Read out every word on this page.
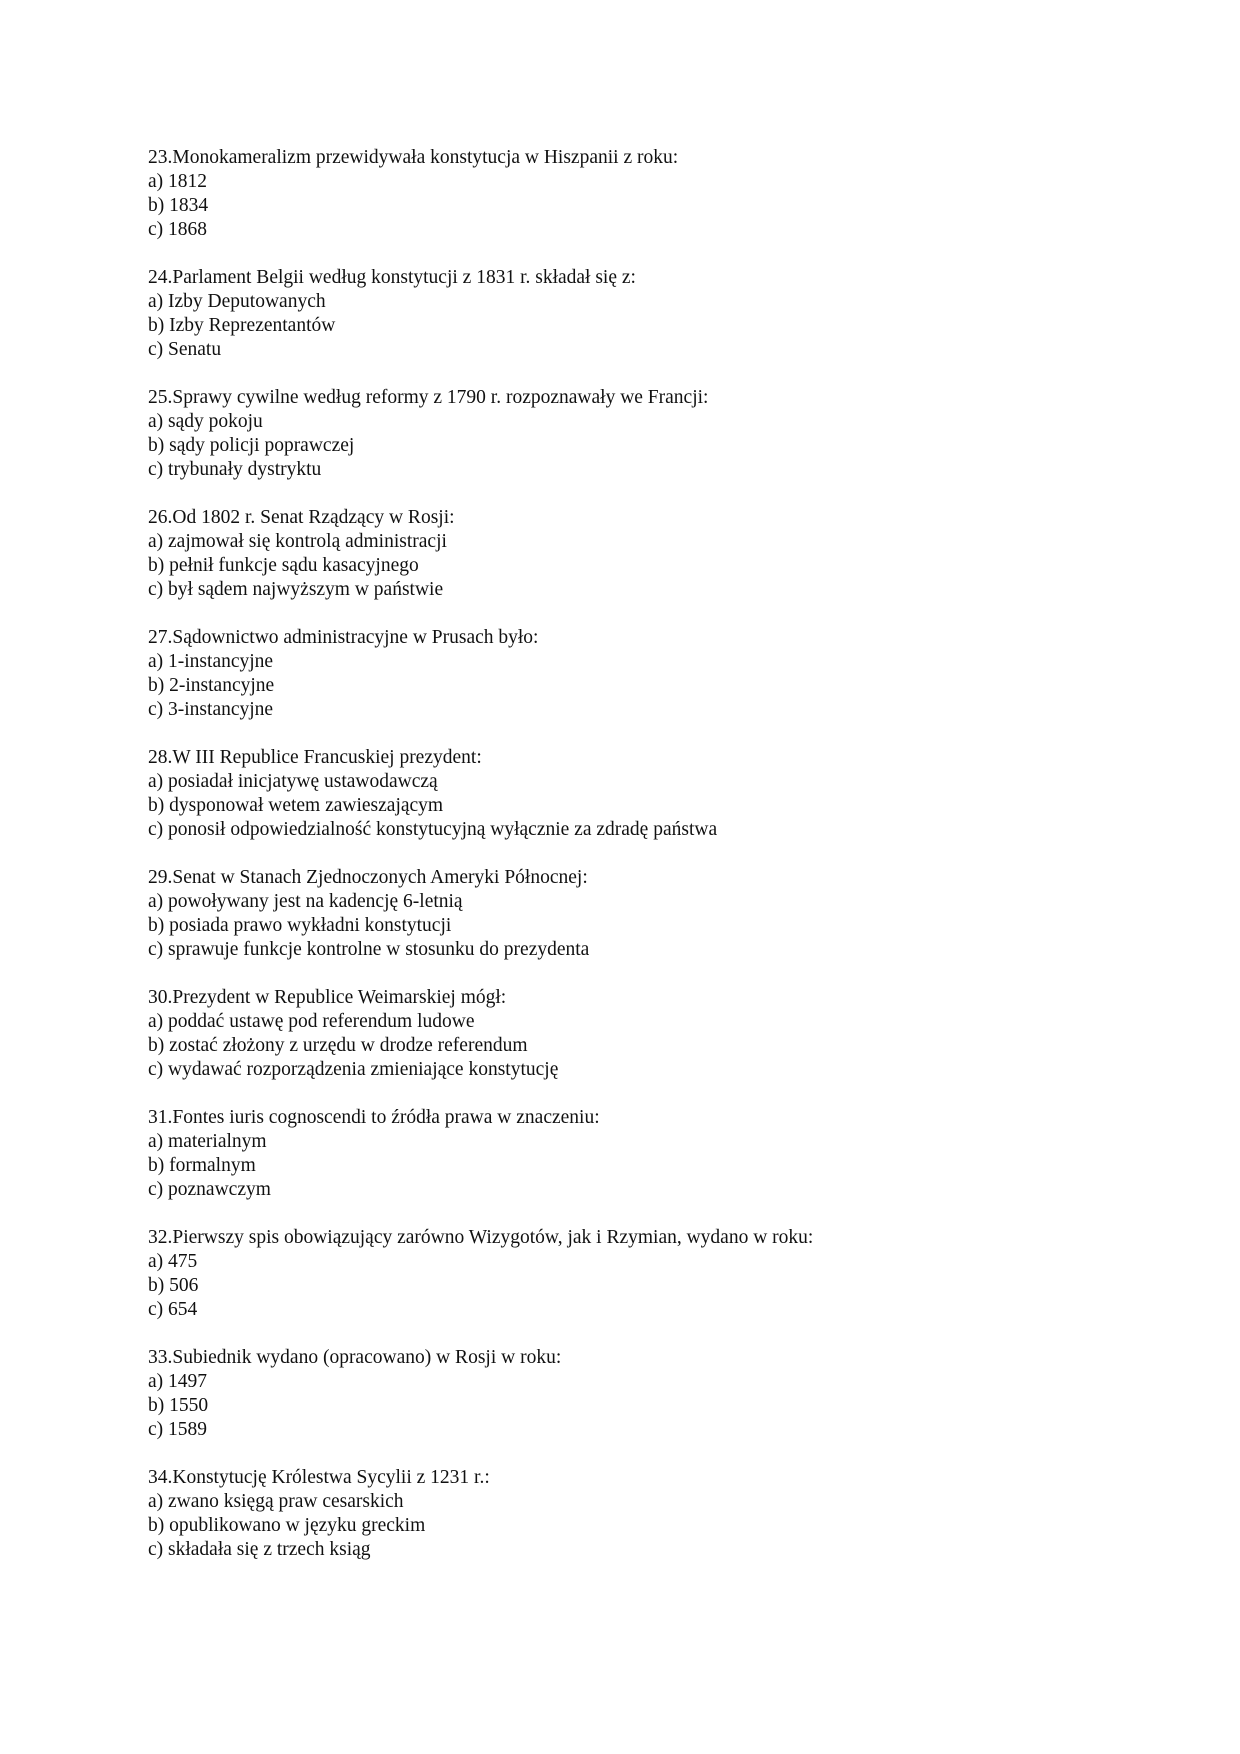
23.Monokameralizm przewidywała konstytucja w Hiszpanii z roku:
a) 1812
b) 1834
c) 1868
24.Parlament Belgii według konstytucji z 1831 r. składał się z:
a) Izby Deputowanych
b) Izby Reprezentantów
c) Senatu
25.Sprawy cywilne według reformy z 1790 r. rozpoznawały we Francji:
a) sądy pokoju
b) sądy policji poprawczej
c) trybunały dystryktu
26.Od 1802 r. Senat Rządzący w Rosji:
a) zajmował się kontrolą administracji
b) pełnił funkcje sądu kasacyjnego
c) był sądem najwyższym w państwie
27.Sądownictwo administracyjne w Prusach było:
a) 1-instancyjne
b) 2-instancyjne
c) 3-instancyjne
28.W III Republice Francuskiej prezydent:
a) posiadał inicjatywę ustawodawczą
b) dysponował wetem zawieszającym
c) ponosił odpowiedzialność konstytucyjną wyłącznie za zdradę państwa
29.Senat w Stanach Zjednoczonych Ameryki Północnej:
a) powoływany jest na kadencję 6-letnią
b) posiada prawo wykładni konstytucji
c) sprawuje funkcje kontrolne w stosunku do prezydenta
30.Prezydent w Republice Weimarskiej mógł:
a) poddać ustawę pod referendum ludowe
b) zostać złożony z urzędu w drodze referendum
c) wydawać rozporządzenia zmieniające konstytucję
31.Fontes iuris cognoscendi to źródła prawa w znaczeniu:
a) materialnym
b) formalnym
c) poznawczym
32.Pierwszy spis obowiązujący zarówno Wizygotów, jak i Rzymian, wydano w roku:
a) 475
b) 506
c) 654
33.Subiednik wydano (opracowano) w Rosji w roku:
a) 1497
b) 1550
c) 1589
34.Konstytucję Królestwa Sycylii z 1231 r.:
a) zwano księgą praw cesarskich
b) opublikowano w języku greckim
c) składała się z trzech ksiąg
